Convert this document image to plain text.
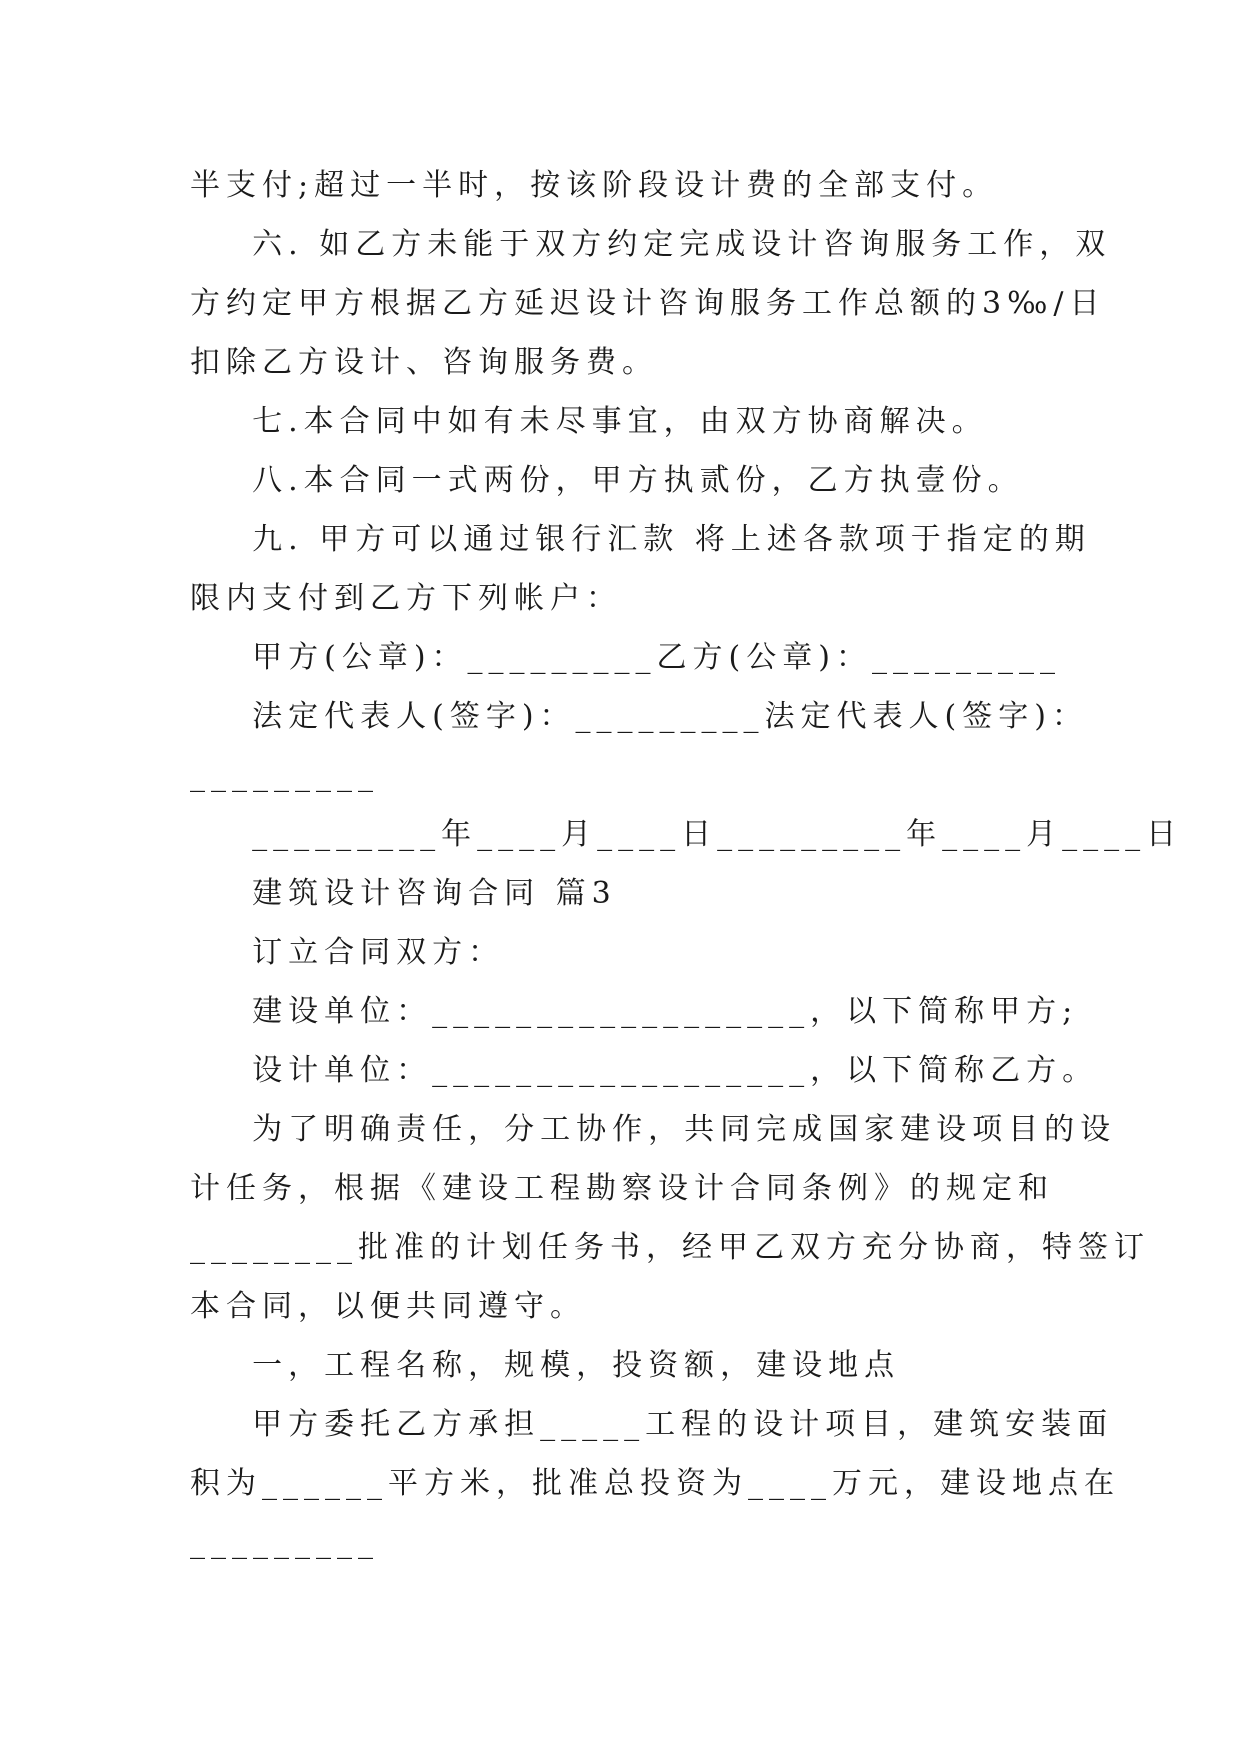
半支付;超过一半时，按该阶段设计费的全部支付。
六. 如乙方未能于双方约定完成设计咨询服务工作，双
方约定甲方根据乙方延迟设计咨询服务工作总额的3‰/日
扣除乙方设计、咨询服务费。
七.本合同中如有未尽事宜，由双方协商解决。
八.本合同一式两份，甲方执贰份，乙方执壹份。
九. 甲方可以通过银行汇款 将上述各款项于指定的期
限内支付到乙方下列帐户：
甲方(公章)：_________乙方(公章)：_________
法定代表人(签字)：_________法定代表人(签字)：
_________
_________年____月____日_________年____月____日
建筑设计咨询合同 篇3
订立合同双方：
建设单位：__________________，以下简称甲方;
设计单位：__________________，以下简称乙方。
为了明确责任，分工协作，共同完成国家建设项目的设
计任务，根据《建设工程勘察设计合同条例》的规定和
________批准的计划任务书，经甲乙双方充分协商，特签订
本合同，以便共同遵守。
一，工程名称，规模，投资额，建设地点
甲方委托乙方承担_____工程的设计项目，建筑安装面
积为______平方米，批准总投资为____万元，建设地点在
_________
